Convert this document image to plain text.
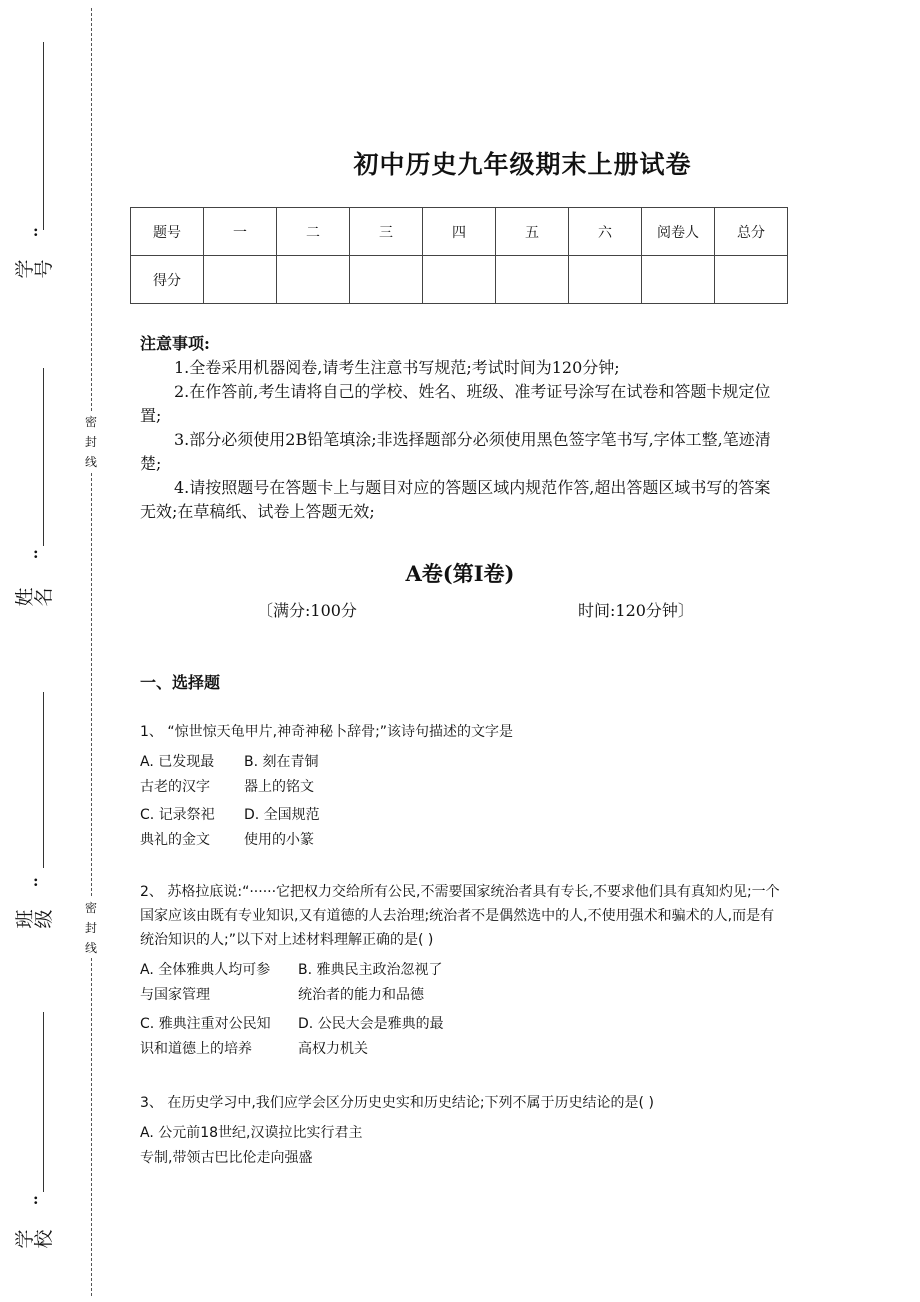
:
学号
:
姓名
:
班级
:
学校
密
封
线
密
封
线
初中历史九年级期末上册试卷
题号	一	二	三	四	五	六	阅卷人	总分
得分								
注意事项:
1.全卷采用机器阅卷,请考生注意书写规范;考试时间为120分钟;
2.在作答前,考生请将自己的学校、姓名、班级、准考证号涂写在试卷和答题卡规定位置;
3.部分必须使用2B铅笔填涂;非选择题部分必须使用黑色签字笔书写,字体工整,笔迹清楚;
4.请按照题号在答题卡上与题目对应的答题区域内规范作答,超出答题区域书写的答案无效;在草稿纸、试卷上答题无效;
A卷(第I卷)
〔满分:100分	时间:120分钟〕
一、选择题
1、 “惊世惊天龟甲片,神奇神秘卜辞骨;”该诗句描述的文字是
A. 已发现最
古老的汉字
B. 刻在青铜
器上的铭文
C. 记录祭祀
典礼的金文
D. 全国规范
使用的小篆
2、 苏格拉底说:“······它把权力交给所有公民,不需要国家统治者具有专长,不要求他们具有真知灼见;一个国家应该由既有专业知识,又有道德的人去治理;统治者不是偶然选中的人,不使用强术和骗术的人,而是有统治知识的人;”以下对上述材料理解正确的是( )
A. 全体雅典人均可参
与国家管理
B. 雅典民主政治忽视了
统治者的能力和品德
C. 雅典注重对公民知
识和道德上的培养
D. 公民大会是雅典的最
高权力机关
3、 在历史学习中,我们应学会区分历史史实和历史结论;下列不属于历史结论的是( )
A. 公元前18世纪,汉谟拉比实行君主
专制,带领古巴比伦走向强盛
